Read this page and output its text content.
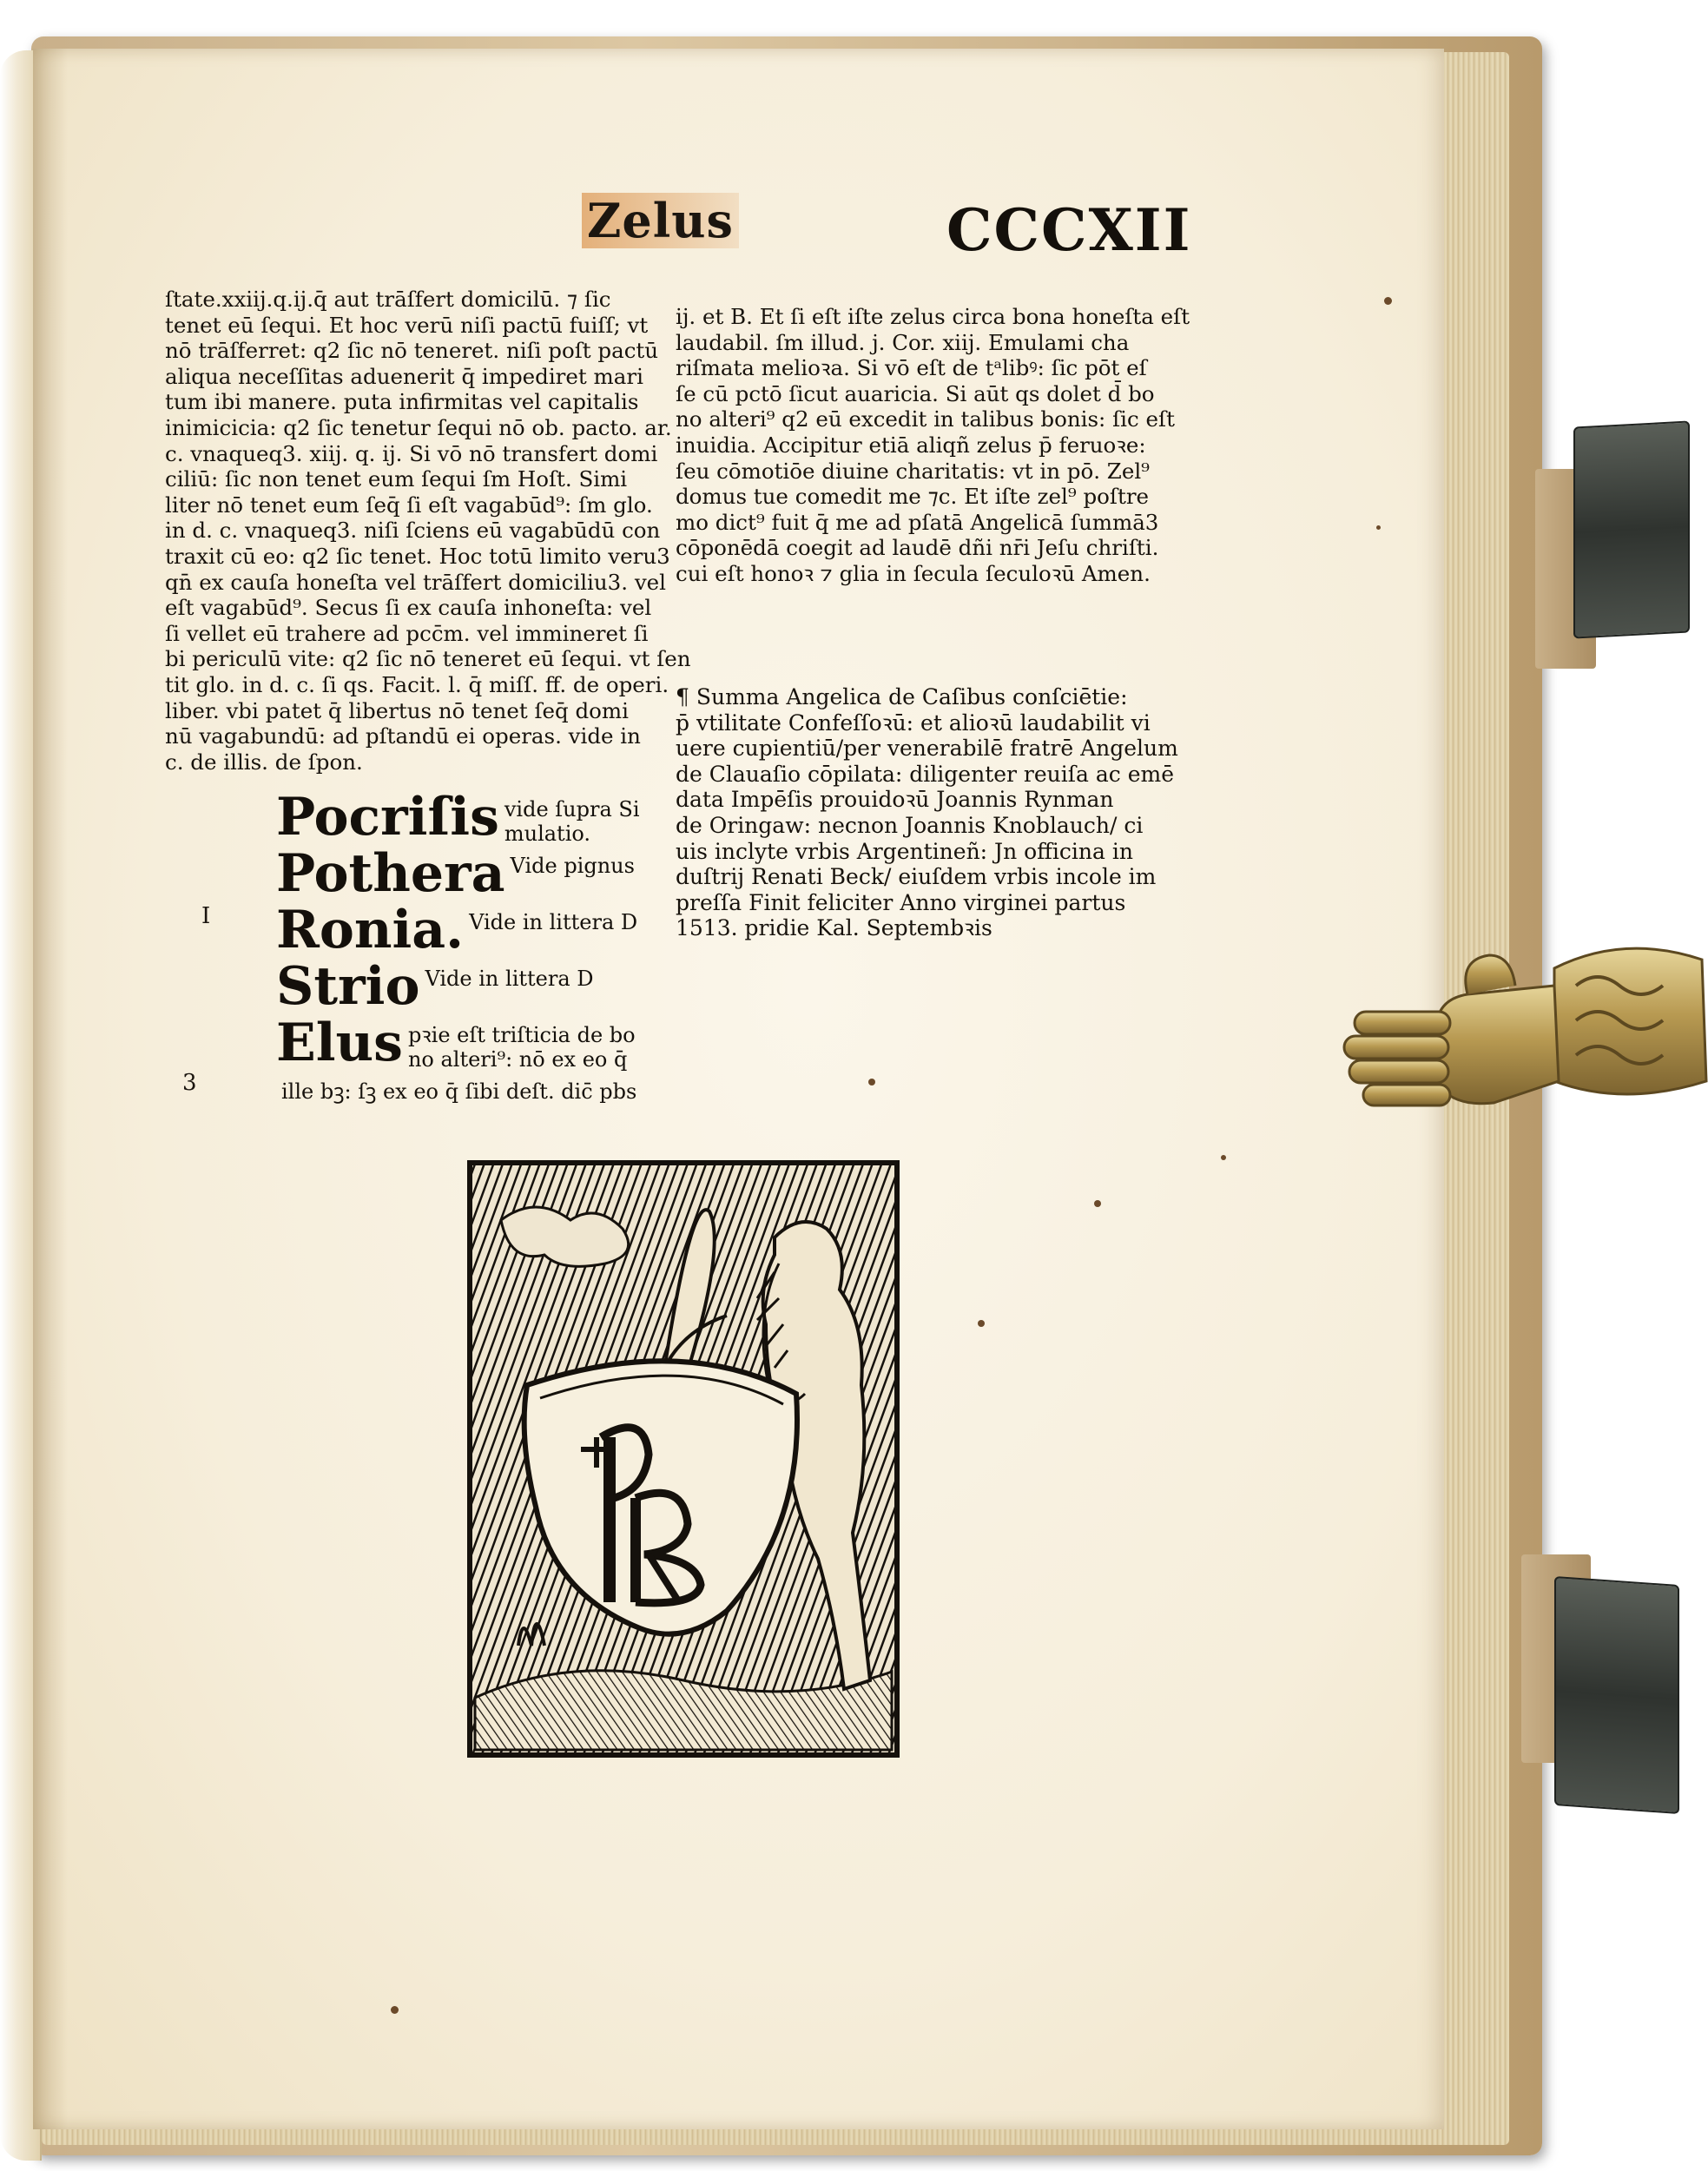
Zelus	CCCXII
ſtate.xxiij.q.ij.q̄ aut trāſfert domicilū. ⁊ ſic
tenet eū ſequi. Et hoc verū niſi pactū fuiſſ; vt
nō trāſferret: q2 ſic nō teneret. niſi poſt pactū
aliqua neceſſitas aduenerit q̄ impediret mari
tum ibi manere. puta infirmitas vel capitalis
inimicicia: q2 ſic tenetur ſequi nō ob. pacto. ar.
c. vnaqueq3. xiij. q. ij. Si vō nō transfert domi
ciliū: ſic non tenet eum ſequi ſm Hoſt. Simi
liter nō tenet eum ſeq̄ ſi eſt vagabūd⁹: ſm glo.
in d. c. vnaqueq3. niſi ſciens eū vagabūdū con
traxit cū eo: q2 ſic tenet. Hoc totū limito veru3
qn̄ ex cauſa honeſta vel trāſfert domiciliu3. vel
eſt vagabūd⁹. Secus ſi ex cauſa inhoneſta: vel
ſi vellet eū trahere ad pcc̄m. vel immineret ſi
bi periculū vite: q2 ſic nō teneret eū ſequi. vt ſen
tit glo. in d. c. ſi qs. Facit. l. q̄ miſſ. ff. de operi.
liber. vbi patet q̄ libertus nō tenet ſeq̄ domi
nū vagabundū: ad pſtandū ei operas. vide in
c. de illis. de ſpon.
ij. et B. Et ſi eſt iſte zelus circa bona honeſta eſt
laudabil. ſm illud. j. Cor. xiij. Emulami cha
riſmata melioꝛa. Si vō eſt de tᵃlibꝰ: ſic pōt eſ
ſe cū pctō ſicut auaricia. Si aūt qs dolet d̄ bo
no alteri⁹ q2 eū excedit in talibus bonis: ſic eſt
inuidia. Accipitur etiā aliqñ zelus p̄ feruoꝛe:
ſeu cōmotiōe diuine charitatis: vt in pō. Zel⁹
domus tue comedit me ⁊c. Et iſte zel⁹ poſtre
mo dict⁹ fuit q̄ me ad pſatā Angelicā ſummā3
cōponēdā coegit ad laudē dñi nr̄i Jeſu chriſti.
cui eſt honoꝛ ⁊ glia in ſecula ſeculoꝛū Amen.
¶ Summa Angelica de Caſibus conſciētie:
p̄ vtilitate Confeſſoꝛū: et alioꝛū laudabilit vi
uere cupientiū/per venerabilē fratrē Angelum
de Clauaſio cōpilata: diligenter reuiſa ac emē
data Impēſis prouidoꝛū Joannis Rynman
de Oringaw: necnon Joannis Knoblauch/ ci
uis inclyte vrbis Argentineñ: Jn officina in
duſtrij Renati Beck/ eiuſdem vrbis incole im
preſſa Finit feliciter Anno virginei partus
1513. pridie Kal. Septembꝛis
Pocriſis vide ſupra Si
mulatio.
Pothera Vide pignus
Ronia. Vide in littera D
Strio Vide in littera D
Elus pꝛie eſt triſticia de bo
no alteri⁹: nō ex eo q̄
ille bꝫ: ſꝫ ex eo q̄ ſibi deſt. dic̄ pbs
I
3
